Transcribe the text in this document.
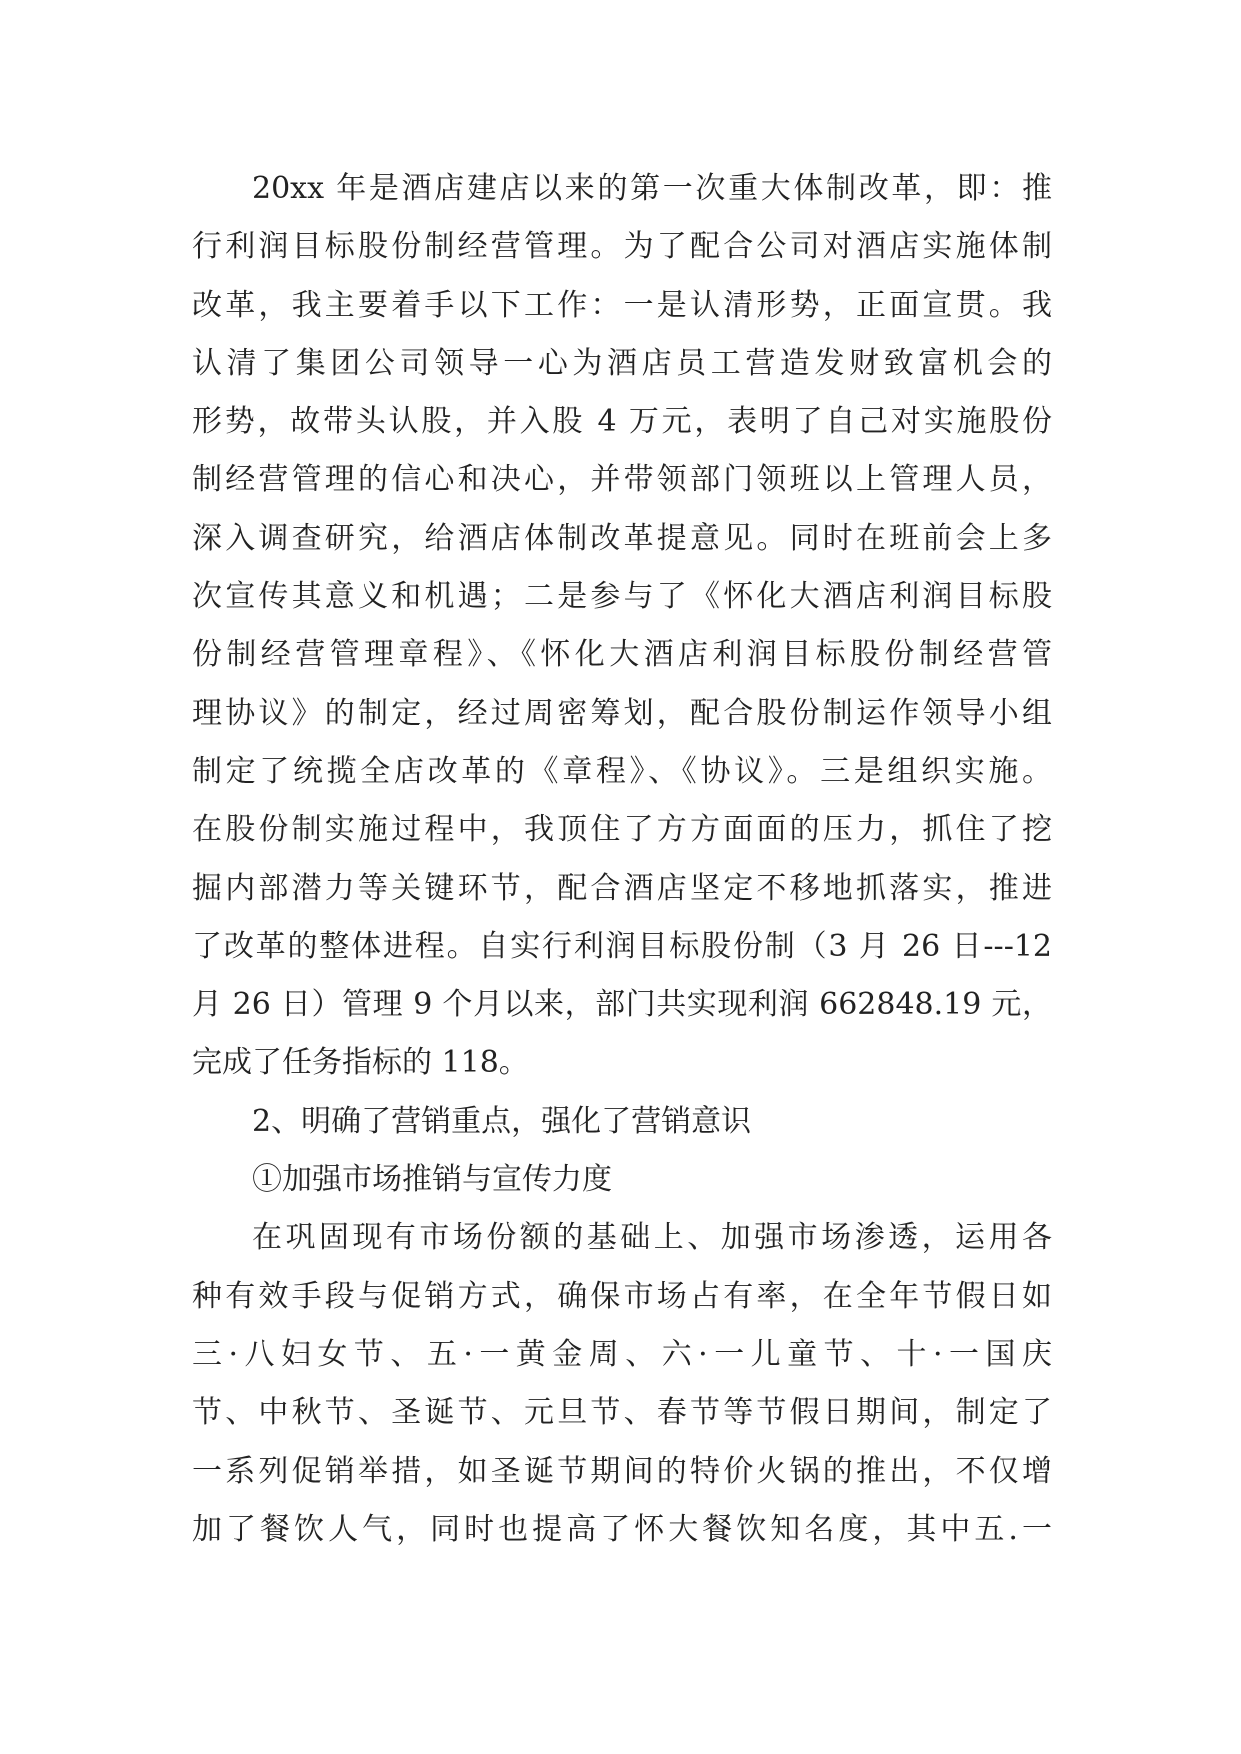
20xx 年是酒店建店以来的第一次重大体制改革，即：推
行利润目标股份制经营管理。为了配合公司对酒店实施体制
改革，我主要着手以下工作：一是认清形势，正面宣贯。我
认清了集团公司领导一心为酒店员工营造发财致富机会的
形势，故带头认股，并入股 4 万元，表明了自己对实施股份
制经营管理的信心和决心，并带领部门领班以上管理人员，
深入调查研究，给酒店体制改革提意见。同时在班前会上多
次宣传其意义和机遇；二是参与了《怀化大酒店利润目标股
份制经营管理章程》、《怀化大酒店利润目标股份制经营管
理协议》的制定，经过周密筹划，配合股份制运作领导小组
制定了统揽全店改革的《章程》、《协议》。三是组织实施。
在股份制实施过程中，我顶住了方方面面的压力，抓住了挖
掘内部潜力等关键环节，配合酒店坚定不移地抓落实，推进
了改革的整体进程。自实行利润目标股份制（3 月 26 日---12
月 26 日）管理 9 个月以来，部门共实现利润 662848.19 元，
完成了任务指标的 118。
2、明确了营销重点，强化了营销意识
①加强市场推销与宣传力度
在巩固现有市场份额的基础上、加强市场渗透，运用各
种有效手段与促销方式，确保市场占有率，在全年节假日如
三·八妇女节、五·一黄金周、六·一儿童节、十·一国庆
节、中秋节、圣诞节、元旦节、春节等节假日期间，制定了
一系列促销举措，如圣诞节期间的特价火锅的推出，不仅增
加了餐饮人气，同时也提高了怀大餐饮知名度，其中五.一
